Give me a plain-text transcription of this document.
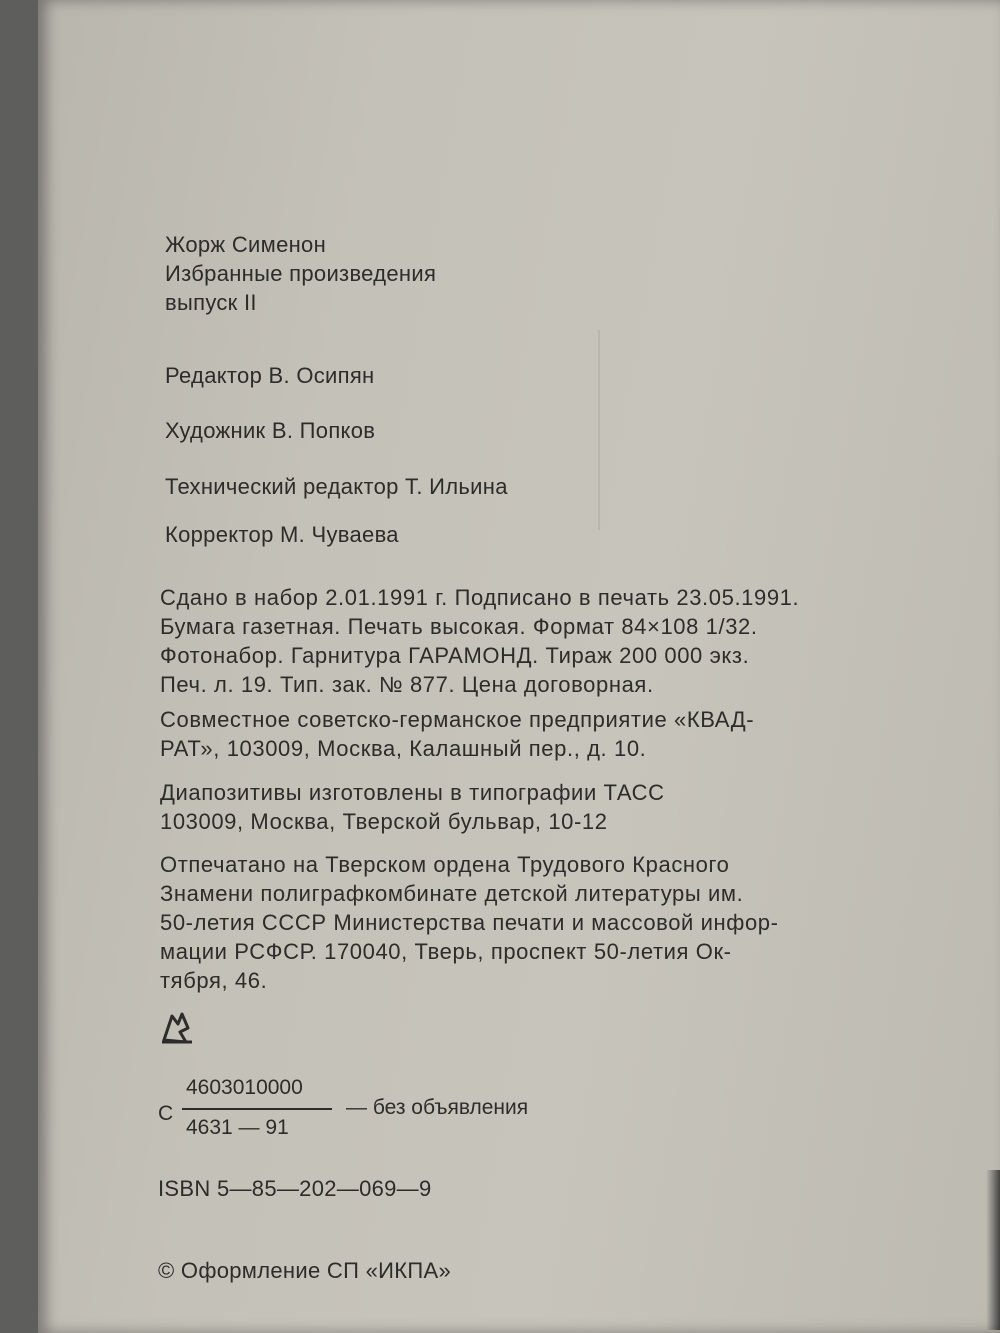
Жорж Сименон
Избранные произведения
выпуск II
Редактор В. Осипян
Художник В. Попков
Технический редактор Т. Ильина
Корректор М. Чуваева
Сдано в набор 2.01.1991 г. Подписано в печать 23.05.1991.
Бумага газетная. Печать высокая. Формат 84×108 1/32.
Фотонабор. Гарнитура ГАРАМОНД. Тираж 200 000 экз.
Печ. л. 19. Тип. зак. № 877. Цена договорная.
Совместное советско-германское предприятие «КВАД-
РАТ», 103009, Москва, Калашный пер., д. 10.
Диапозитивы изготовлены в типографии ТАСС
103009, Москва, Тверской бульвар, 10-12
Отпечатано на Тверском ордена Трудового Красного
Знамени полиграфкомбинате детской литературы им.
50-летия СССР Министерства печати и массовой инфор-
мации РСФСР. 170040, Тверь, проспект 50-летия Ок-
тября, 46.
С
4603010000
4631 — 91
— без объявления
ISBN 5—85—202—069—9
© Оформление СП «ИКПА»
